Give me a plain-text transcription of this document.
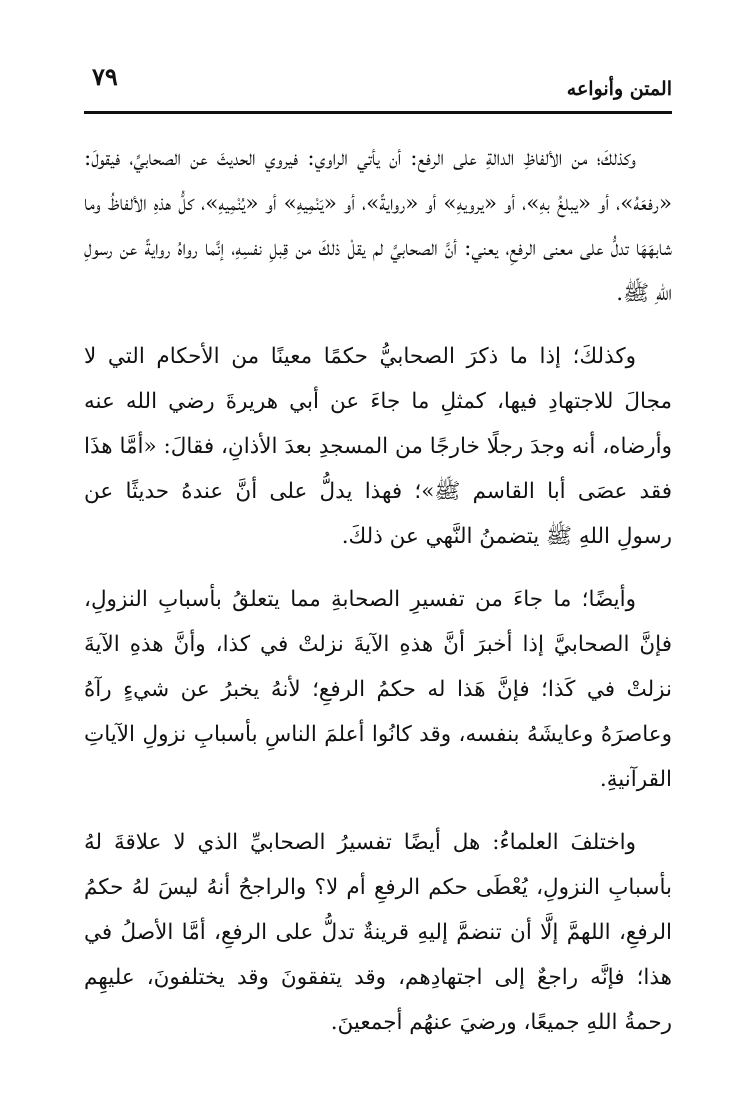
المتن وأنواعه
٧٩

وكذلكَ؛ من الألفاظِ الدالةِ على الرفع: أن يأتي الراوي: فيروي الحديثَ عن الصحابيِّ، فيقولَ: «رفعَهُ»، أو «يبلغُ بهِ»، أو «يرويهِ» أو «روايةً»، أو «يَنْمِيهِ» أو «يُنْمِيهِ»، كلُّ هذهِ الألفاظُ وما شابهَهَا تدلُّ على معنى الرفعِ، يعني: أنَّ الصحابيَّ لم يقلْ ذلكَ من قِبلِ نفسِهِ، إنَّما رواهُ روايةً عن رسولِ اللهِ ﷺ.

وكذلكَ؛ إذا ما ذكرَ الصحابيُّ حكمًا معينًا من الأحكام التي لا مجالَ للاجتهادِ فيها، كمثلِ ما جاءَ عن أبي هريرةَ رضي الله عنه وأرضاه، أنه وجدَ رجلًا خارجًا من المسجدِ بعدَ الأذانِ، فقالَ: «أمَّا هذَا فقد عصَى أبا القاسم ﷺ»؛ فهذا يدلُّ على أنَّ عندهُ حديثًا عن رسولِ اللهِ ﷺ يتضمنُ النَّهي عن ذلكَ.

وأيضًا؛ ما جاءَ من تفسيرِ الصحابةِ مما يتعلقُ بأسبابِ النزولِ، فإنَّ الصحابيَّ إذا أخبرَ أنَّ هذهِ الآيةَ نزلتْ في كذا، وأنَّ هذهِ الآيةَ نزلتْ في كَذا؛ فإنَّ هَذا له حكمُ الرفعِ؛ لأنهُ يخبرُ عن شيءٍ رآهُ وعاصرَهُ وعايشَهُ بنفسه، وقد كانُوا أعلمَ الناسِ بأسبابِ نزولِ الآياتِ القرآنيةِ.

واختلفَ العلماءُ: هل أيضًا تفسيرُ الصحابيِّ الذي لا علاقةَ لهُ بأسبابِ النزولِ، يُعْطَى حكم الرفعِ أم لا؟ والراجحُ أنهُ ليسَ لهُ حكمُ الرفعِ، اللهمَّ إلَّا أن تنضمَّ إليهِ قرينةٌ تدلُّ على الرفعِ، أمَّا الأصلُ في هذا؛ فإنَّه راجعٌ إلى اجتهادِهم، وقد يتفقونَ وقد يختلفونَ، عليهِم رحمةُ اللهِ جميعًا، ورضيَ عنهُم أجمعينَ.
